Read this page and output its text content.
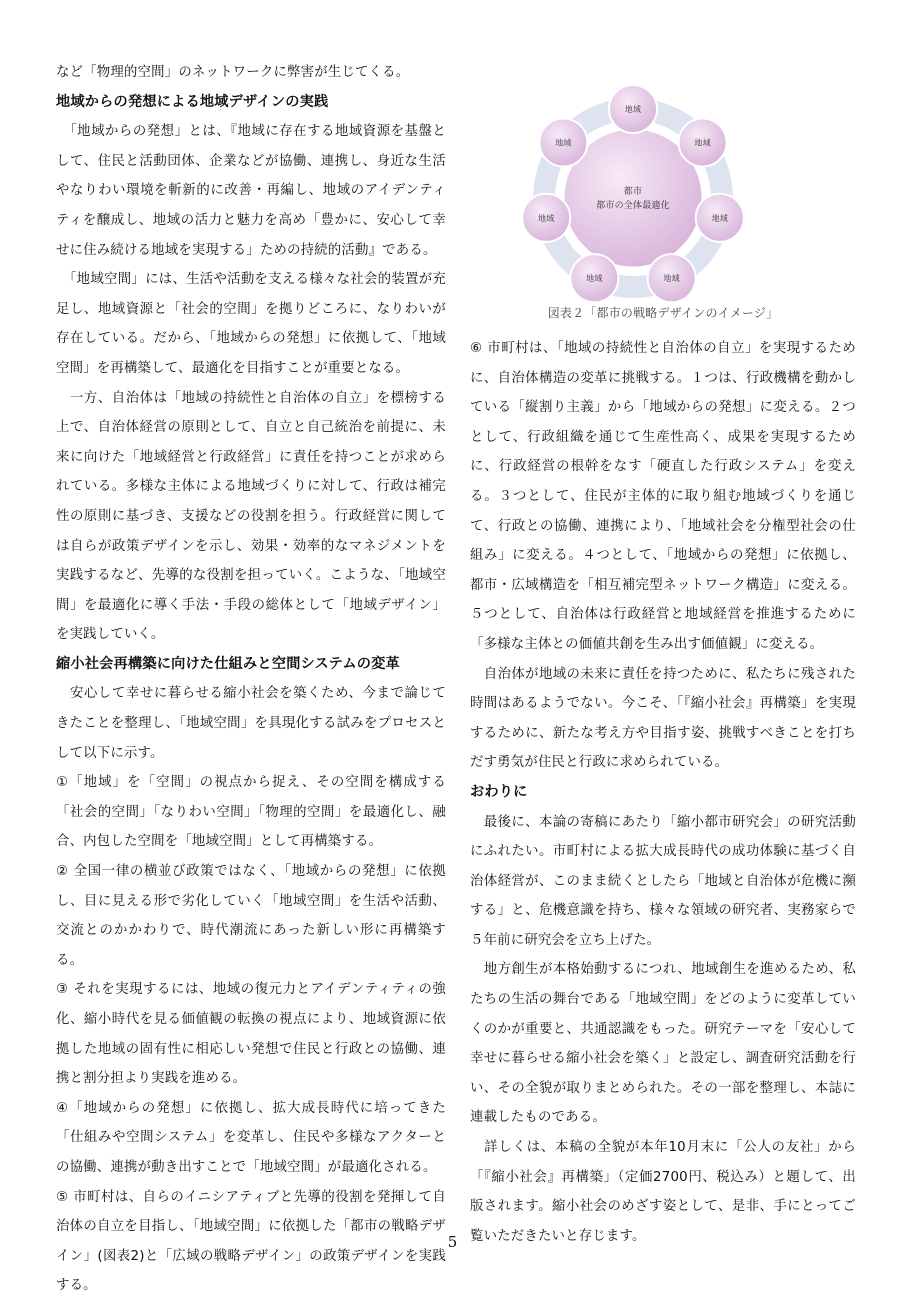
など「物理的空間」のネットワークに弊害が生じてくる。

地域からの発想による地域デザインの実践

　「地域からの発想」とは、『地域に存在する地域資源を基盤として、住民と活動団体、企業などが協働、連携し、身近な生活やなりわい環境を斬新的に改善・再編し、地域のアイデンティティを醸成し、地域の活力と魅力を高め「豊かに、安心して幸せに住み続ける地域を実現する」ための持続的活動』である。

　「地域空間」には、生活や活動を支える様々な社会的装置が充足し、地域資源と「社会的空間」を拠りどころに、なりわいが存在している。だから、「地域からの発想」に依拠して、「地域空間」を再構築して、最適化を目指すことが重要となる。

　一方、自治体は「地域の持続性と自治体の自立」を標榜する上で、自治体経営の原則として、自立と自己統治を前提に、未来に向けた「地域経営と行政経営」に責任を持つことが求められている。多様な主体による地域づくりに対して、行政は補完性の原則に基づき、支援などの役割を担う。行政経営に関しては自らが政策デザインを示し、効果・効率的なマネジメントを実践するなど、先導的な役割を担っていく。こような、「地域空間」を最適化に導く手法・手段の総体として「地域デザイン」を実践していく。

縮小社会再構築に向けた仕組みと空間システムの変革

　安心して幸せに暮らせる縮小社会を築くため、今まで論じてきたことを整理し、「地域空間」を具現化する試みをプロセスとして以下に示す。

①「地域」を「空間」の視点から捉え、その空間を構成する「社会的空間」「なりわい空間」「物理的空間」を最適化し、融合、内包した空間を「地域空間」として再構築する。

② 全国一律の横並び政策ではなく、「地域からの発想」に依拠し、目に見える形で劣化していく「地域空間」を生活や活動、交流とのかかわりで、時代潮流にあった新しい形に再構築する。

③ それを実現するには、地域の復元力とアイデンティティの強化、縮小時代を見る価値観の転換の視点により、地域資源に依拠した地域の固有性に相応しい発想で住民と行政との協働、連携と割分担より実践を進める。

④「地域からの発想」に依拠し、拡大成長時代に培ってきた「仕組みや空間システム」を変革し、住民や多様なアクターとの協働、連携が動き出すことで「地域空間」が最適化される。

⑤ 市町村は、自らのイニシアティブと先導的役割を発揮して自治体の自立を目指し、「地域空間」に依拠した「都市の戦略デザイン」(図表2)と「広域の戦略デザイン」の政策デザインを実践する。

都市
都市の全体最適化
地域
地域
地域
地域
地域
地域
地域

図表２「都市の戦略デザインのイメージ」

⑥ 市町村は、「地域の持続性と自治体の自立」を実現するために、自治体構造の変革に挑戦する。１つは、行政機構を動かしている「縦割り主義」から「地域からの発想」に変える。２つとして、行政組織を通じて生産性高く、成果を実現するために、行政経営の根幹をなす「硬直した行政システム」を変える。３つとして、住民が主体的に取り組む地域づくりを通じて、行政との協働、連携により、「地域社会を分権型社会の仕組み」に変える。４つとして、「地域からの発想」に依拠し、都市・広域構造を「相互補完型ネットワーク構造」に変える。５つとして、自治体は行政経営と地域経営を推進するために「多様な主体との価値共創を生み出す価値観」に変える。

　自治体が地域の未来に責任を持つために、私たちに残された時間はあるようでない。今こそ、「『縮小社会』再構築」を実現するために、新たな考え方や目指す姿、挑戦すべきことを打ちだす勇気が住民と行政に求められている。

おわりに

　最後に、本論の寄稿にあたり「縮小都市研究会」の研究活動にふれたい。市町村による拡大成長時代の成功体験に基づく自治体経営が、このまま続くとしたら「地域と自治体が危機に瀕する」と、危機意識を持ち、様々な領域の研究者、実務家らで５年前に研究会を立ち上げた。

　地方創生が本格始動するにつれ、地域創生を進めるため、私たちの生活の舞台である「地域空間」をどのように変革していくのかが重要と、共通認識をもった。研究テーマを「安心して幸せに暮らせる縮小社会を築く」と設定し、調査研究活動を行い、その全貌が取りまとめられた。その一部を整理し、本誌に連載したものである。

　詳しくは、本稿の全貌が本年10月末に「公人の友社」から「『縮小社会』再構築」（定価2700円、税込み）と題して、出版されます。縮小社会のめざす姿として、是非、手にとってご覧いただきたいと存じます。

5
